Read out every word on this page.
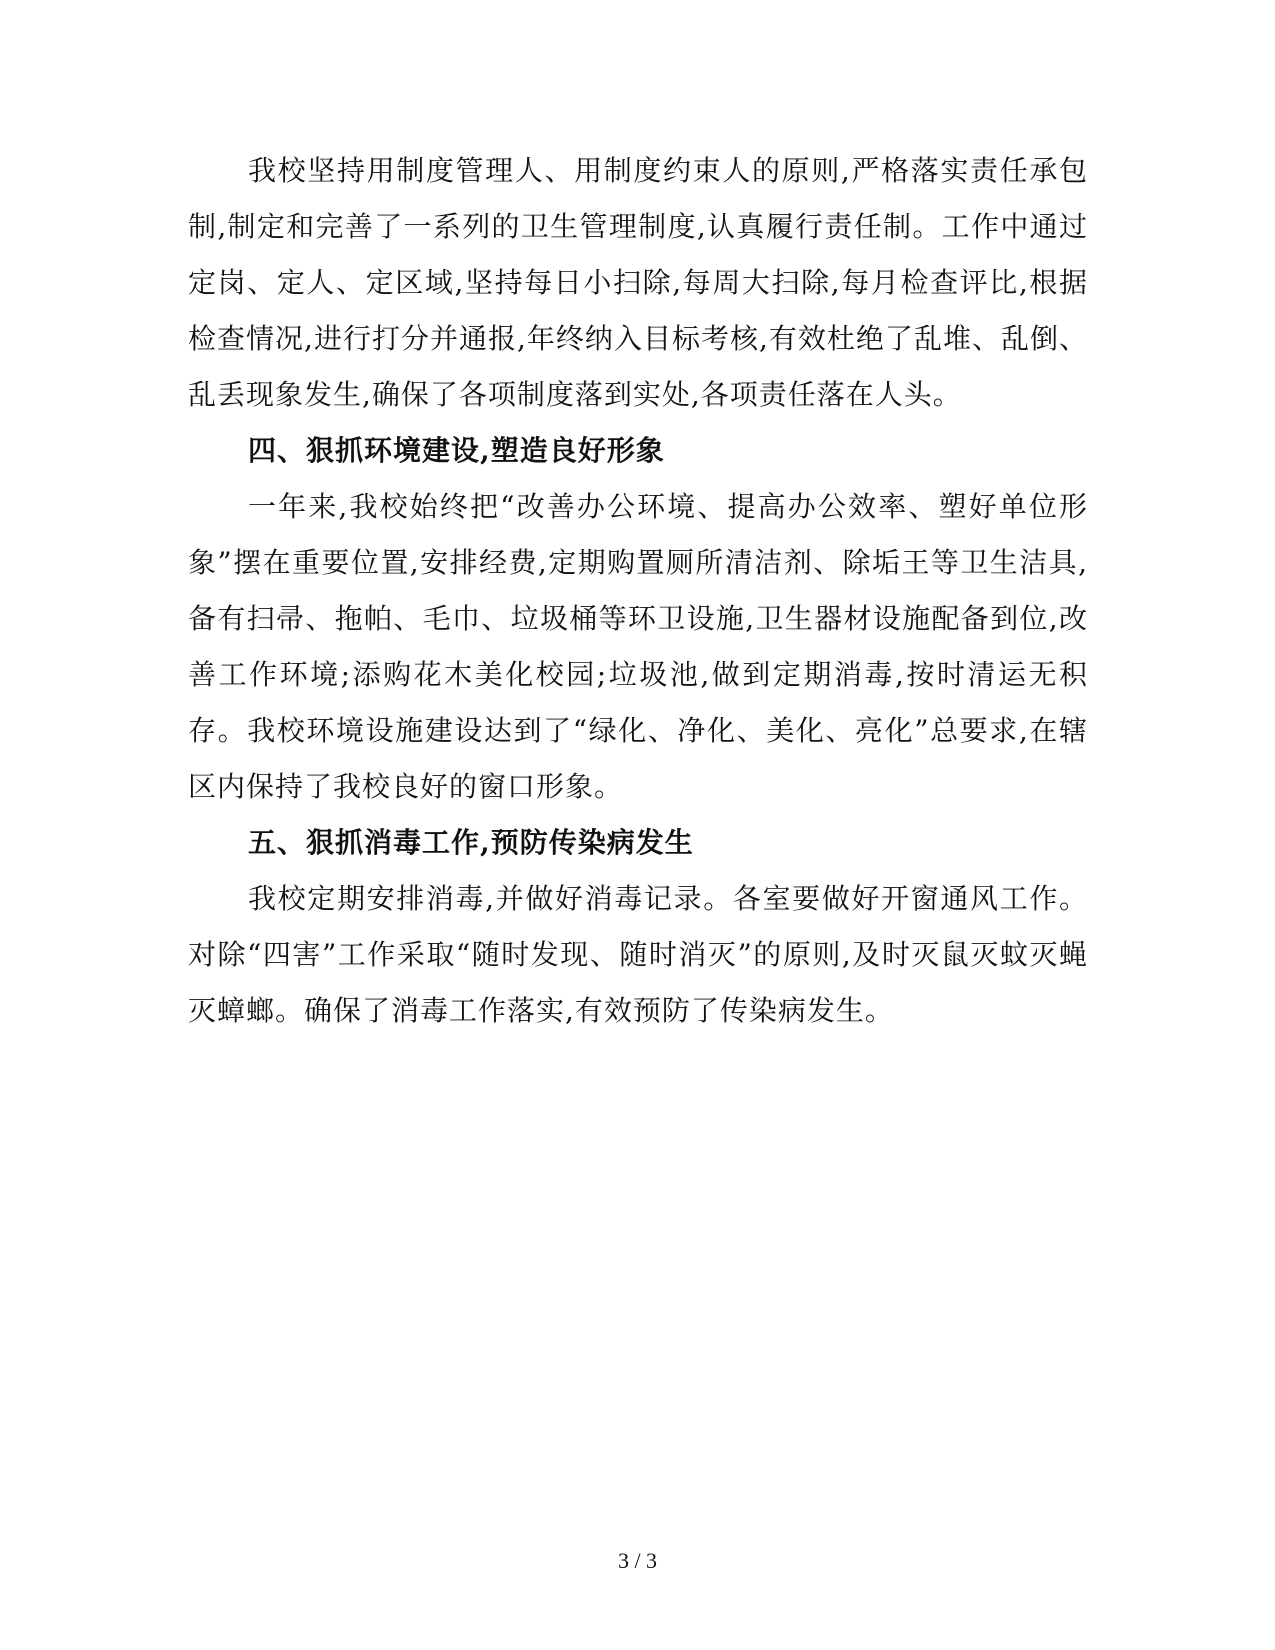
我校坚持用制度管理人、用制度约束人的原则,严格落实责任承包制,制定和完善了一系列的卫生管理制度,认真履行责任制。工作中通过定岗、定人、定区域,坚持每日小扫除,每周大扫除,每月检查评比,根据检查情况,进行打分并通报,年终纳入目标考核,有效杜绝了乱堆、乱倒、乱丢现象发生,确保了各项制度落到实处,各项责任落在人头。

四、狠抓环境建设,塑造良好形象

一年来,我校始终把“改善办公环境、提高办公效率、塑好单位形象”摆在重要位置,安排经费,定期购置厕所清洁剂、除垢王等卫生洁具,备有扫帚、拖帕、毛巾、垃圾桶等环卫设施,卫生器材设施配备到位,改善工作环境;添购花木美化校园;垃圾池,做到定期消毒,按时清运无积存。我校环境设施建设达到了“绿化、净化、美化、亮化”总要求,在辖区内保持了我校良好的窗口形象。

五、狠抓消毒工作,预防传染病发生

我校定期安排消毒,并做好消毒记录。各室要做好开窗通风工作。对除“四害”工作采取“随时发现、随时消灭”的原则,及时灭鼠灭蚊灭蝇灭蟑螂。确保了消毒工作落实,有效预防了传染病发生。

3 / 3
